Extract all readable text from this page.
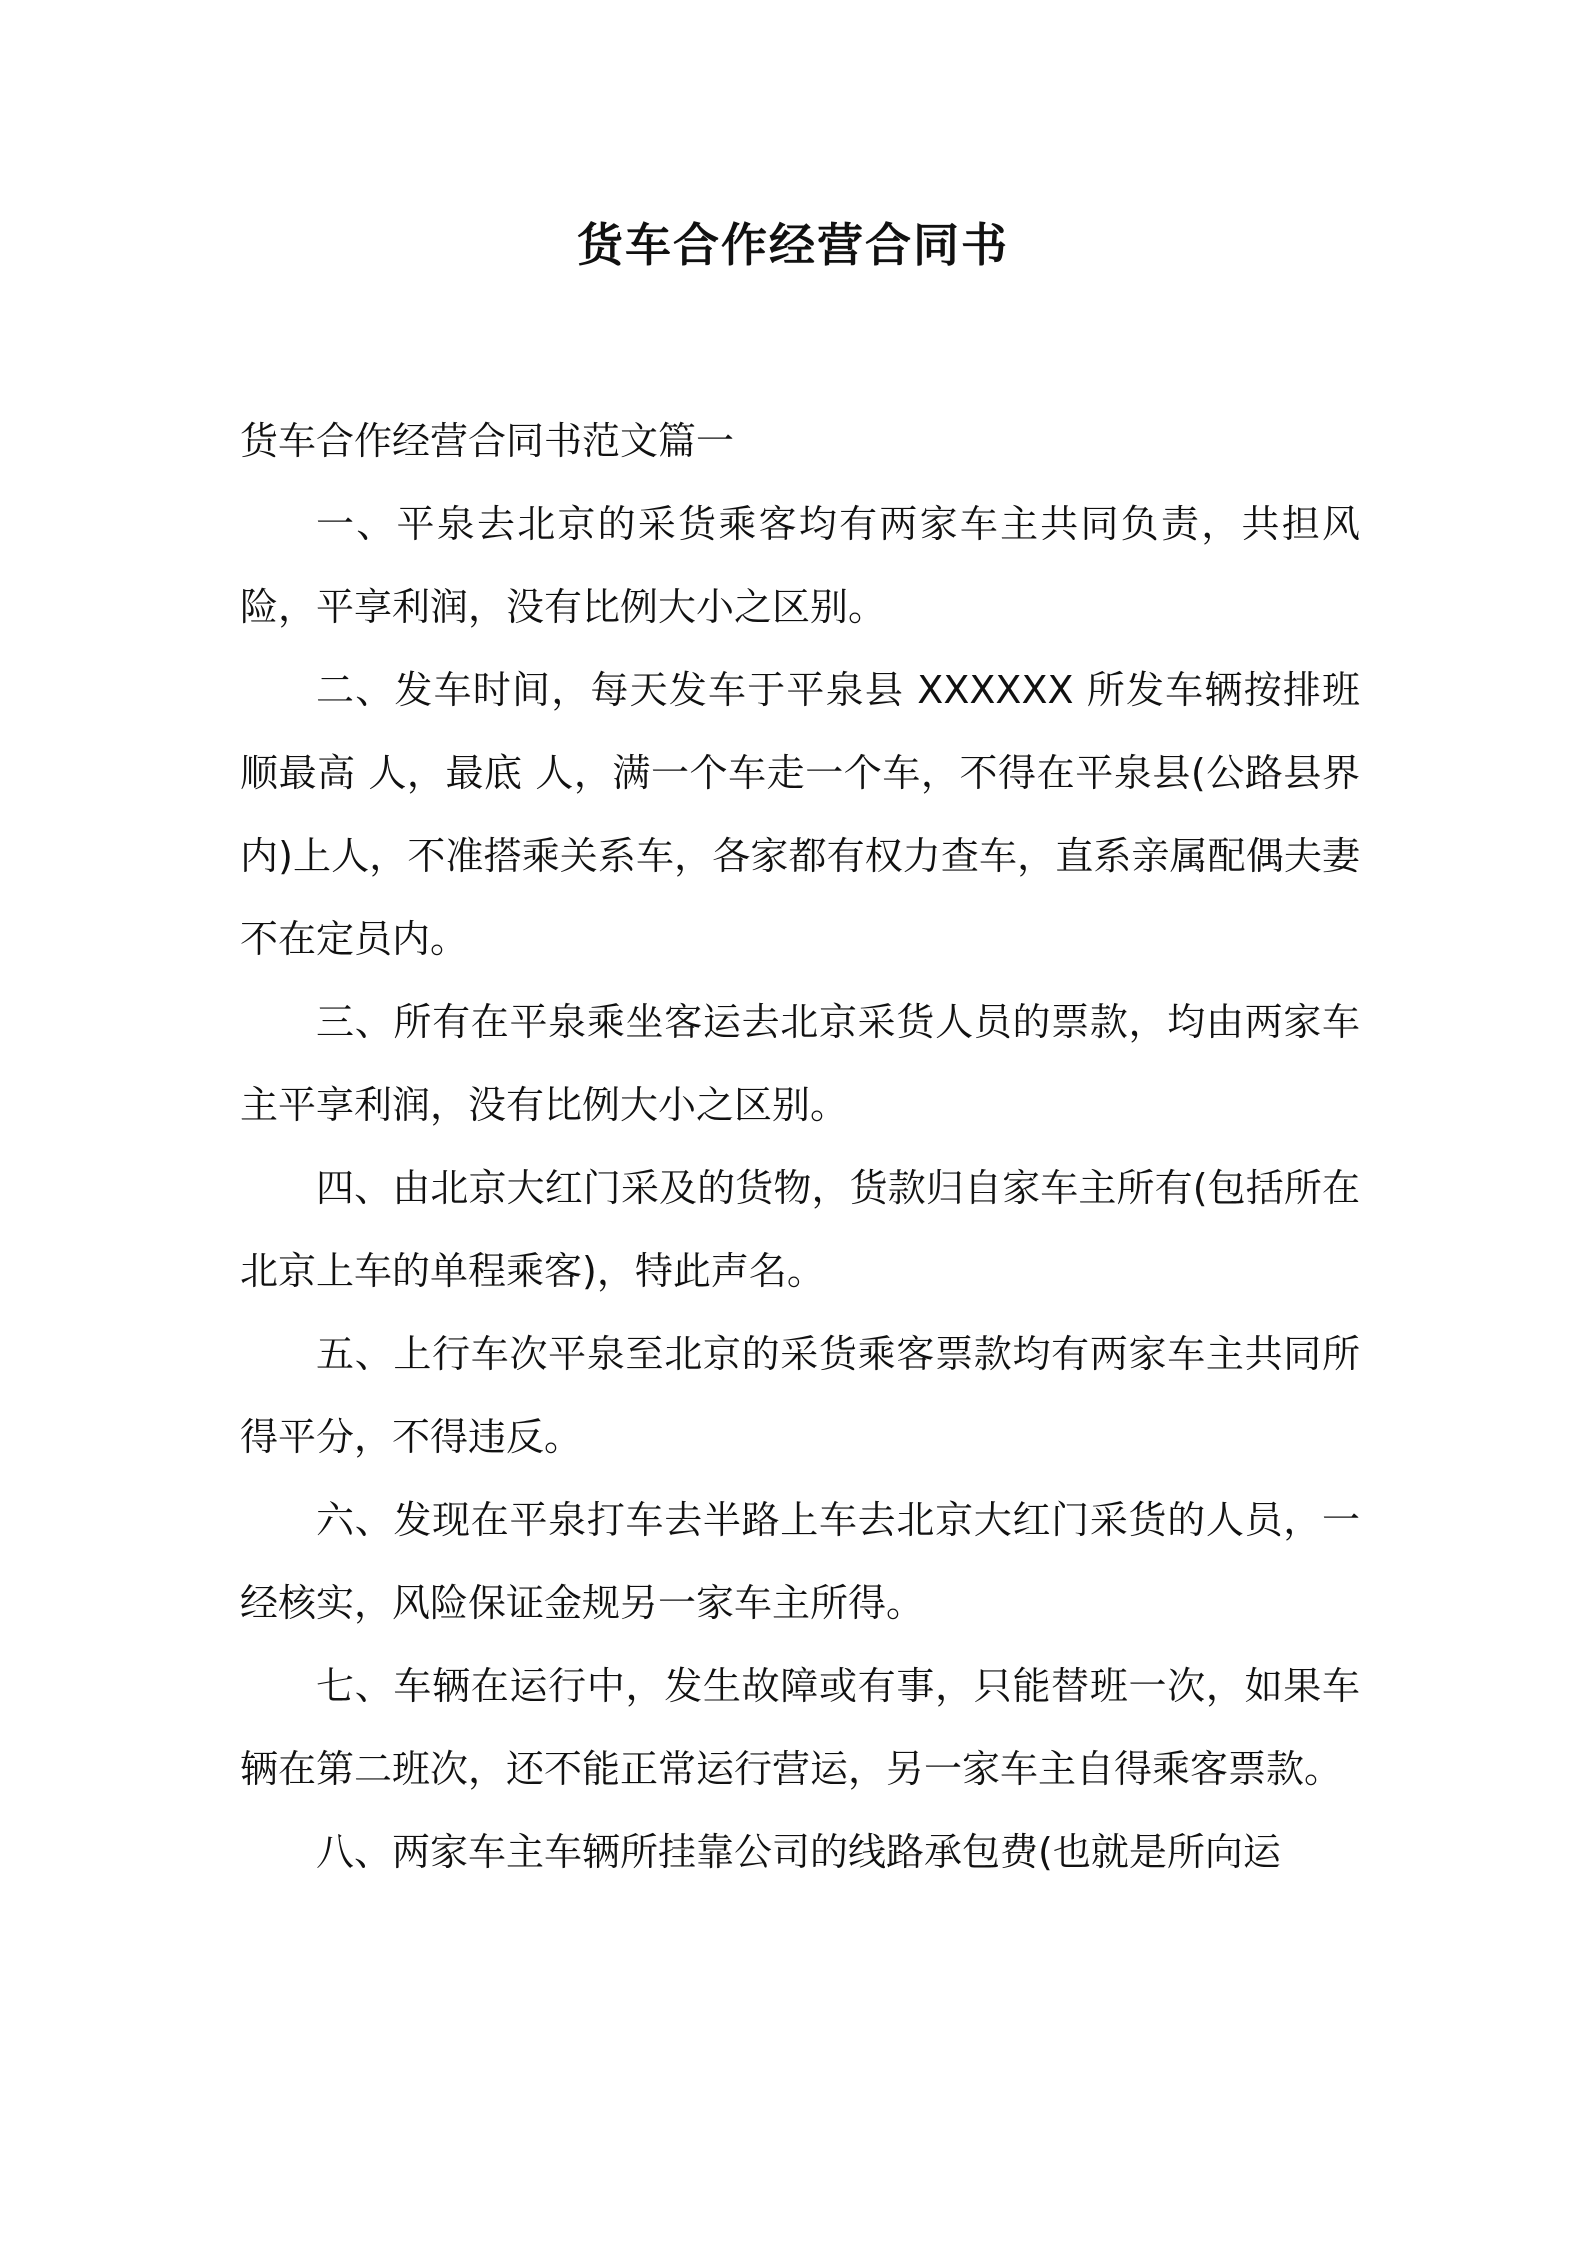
货车合作经营合同书

货车合作经营合同书范文篇一

一、平泉去北京的采货乘客均有两家车主共同负责，共担风险，平享利润，没有比例大小之区别。

二、发车时间，每天发车于平泉县 XXXXXX 所发车辆按排班顺最高 人，最底 人，满一个车走一个车，不得在平泉县(公路县界内)上人，不准搭乘关系车，各家都有权力查车，直系亲属配偶夫妻不在定员内。

三、所有在平泉乘坐客运去北京采货人员的票款，均由两家车主平享利润，没有比例大小之区别。

四、由北京大红门采及的货物，货款归自家车主所有(包括所在北京上车的单程乘客)，特此声名。

五、上行车次平泉至北京的采货乘客票款均有两家车主共同所得平分，不得违反。

六、发现在平泉打车去半路上车去北京大红门采货的人员，一经核实，风险保证金规另一家车主所得。

七、车辆在运行中，发生故障或有事，只能替班一次，如果车辆在第二班次，还不能正常运行营运，另一家车主自得乘客票款。

八、两家车主车辆所挂靠公司的线路承包费(也就是所向运
